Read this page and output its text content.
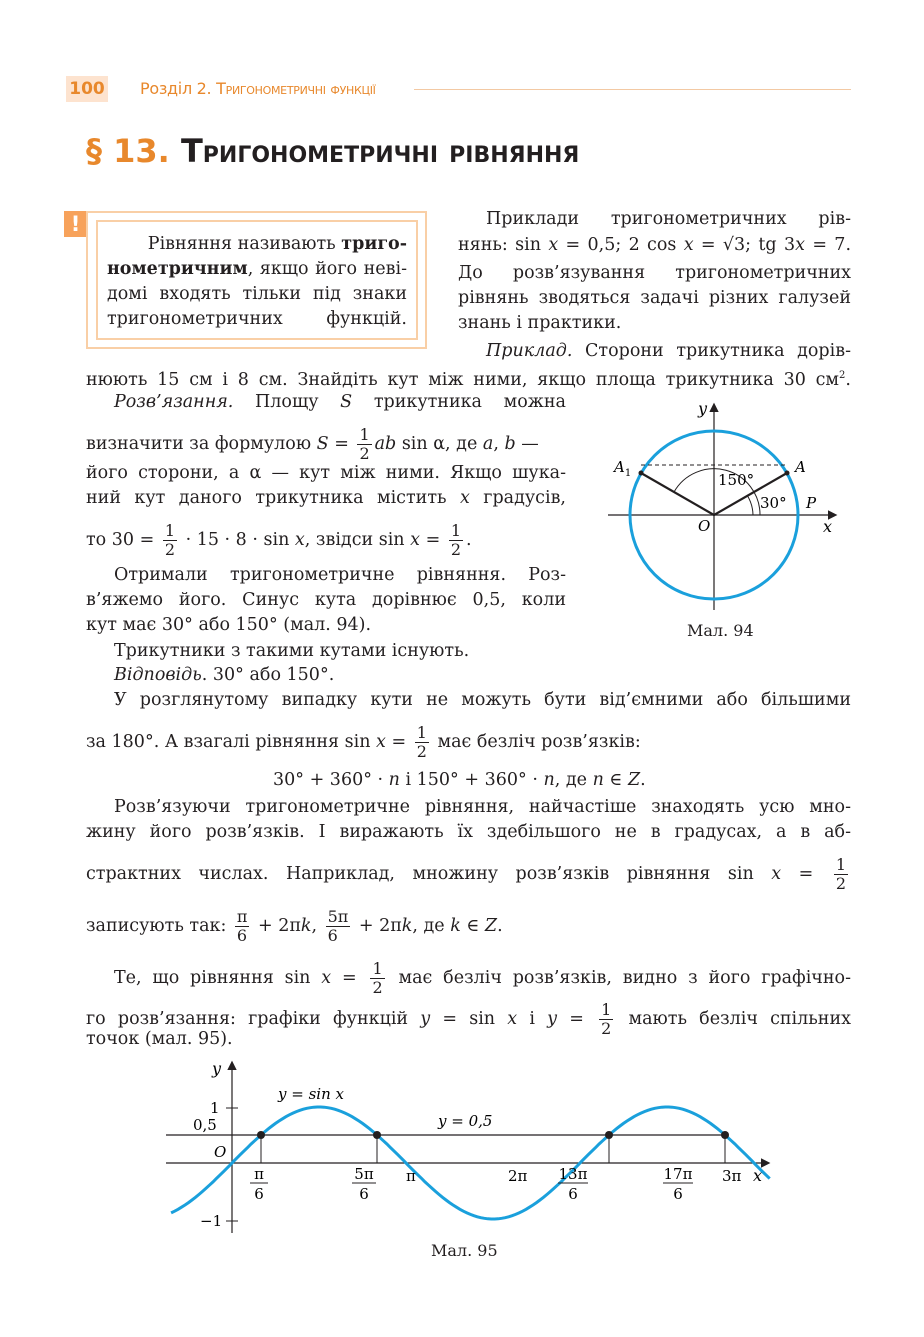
100 Розділ 2. Тригонометричні функції
§ 13. Тригонометричні рівняння
!
Рівняння називають триго-
нометричним, якщо його неві-
домі входять тільки під знаки
тригонометричних функцій.
Приклади тригонометричних рів-
нянь: sin x = 0,5; 2 cos x = √3; tg 3x = 7.
До розв’язування тригонометричних
рівнянь зводяться задачі різних галузей
знань і практики.
Приклад. Сторони трикутника дорів-
нюють 15 см і 8 см. Знайдіть кут між ними, якщо площа трикутника 30 $см^2$.
Розв’язання. Площу S трикутника можна
визначити за формулою $S = \frac{1}{2}$ ab sin α, де a, b —
його сторони, а α — кут між ними. Якщо шука-
ний кут даного трикутника містить x градусів,
то $30 = \frac{1}{2} \cdot 15 \cdot 8 \cdot \sin x$, звідси $\sin x = \frac{1}{2}$ .
Отримали тригонометричне рівняння. Роз-
в’яжемо його. Синус кута дорівнює 0,5, коли
кут має 30° або 150° (мал. 94).
Трикутники з такими кутами існують.
Відповідь. 30° або 150°.
y
x
O
A
$A_1$
P
150°
30°
Мал. 94
У розглянутому випадку кути не можуть бути від’ємними або більшими
за 180°. А взагалі рівняння $\sin x = \frac{1}{2}$ має безліч розв’язків:
30° + 360° · n і 150° + 360° · n, де n ∈ Z.
Розв’язуючи тригонометричне рівняння, найчастіше знаходять усю мно-
жину його розв’язків. І виражають їх здебільшого не в градусах, а в аб-
страктних числах. Наприклад, множину розв’язків рівняння $\sin x = \frac{1}{2}$
записують так: $\frac{\pi}{6} + 2\pi k$, $\frac{5\pi}{6} + 2\pi k$, де k ∈ Z.
Те, що рівняння $\sin x = \frac{1}{2}$ має безліч розв’язків, видно з його графічно-
го розв’язання: графіки функцій y = sin x і $y = \frac{1}{2}$ мають безліч спільних
точок (мал. 95).
y
x
O
1
0,5
−1
π	2π	3π
π
6
5π
6
13π
6
17π
6
y = sin x
y = 0,5
Мал. 95
